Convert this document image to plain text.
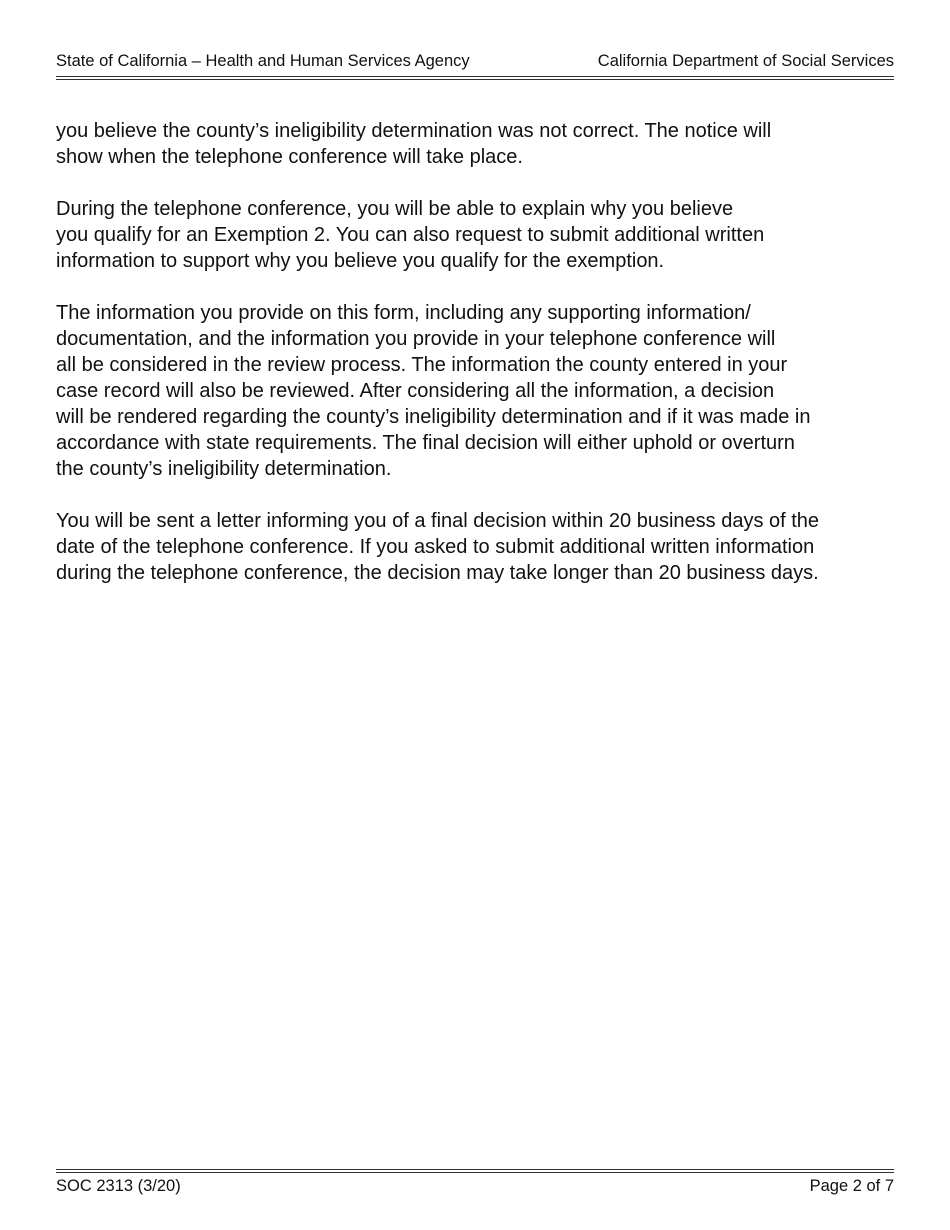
State of California – Health and Human Services Agency	California Department of Social Services

you believe the county’s ineligibility determination was not correct. The notice will
show when the telephone conference will take place.

During the telephone conference, you will be able to explain why you believe
you qualify for an Exemption 2. You can also request to submit additional written
information to support why you believe you qualify for the exemption.

The information you provide on this form, including any supporting information/
documentation, and the information you provide in your telephone conference will
all be considered in the review process. The information the county entered in your
case record will also be reviewed. After considering all the information, a decision
will be rendered regarding the county’s ineligibility determination and if it was made in
accordance with state requirements. The final decision will either uphold or overturn
the county’s ineligibility determination.

You will be sent a letter informing you of a final decision within 20 business days of the
date of the telephone conference. If you asked to submit additional written information
during the telephone conference, the decision may take longer than 20 business days.

SOC 2313 (3/20)	Page 2 of 7
